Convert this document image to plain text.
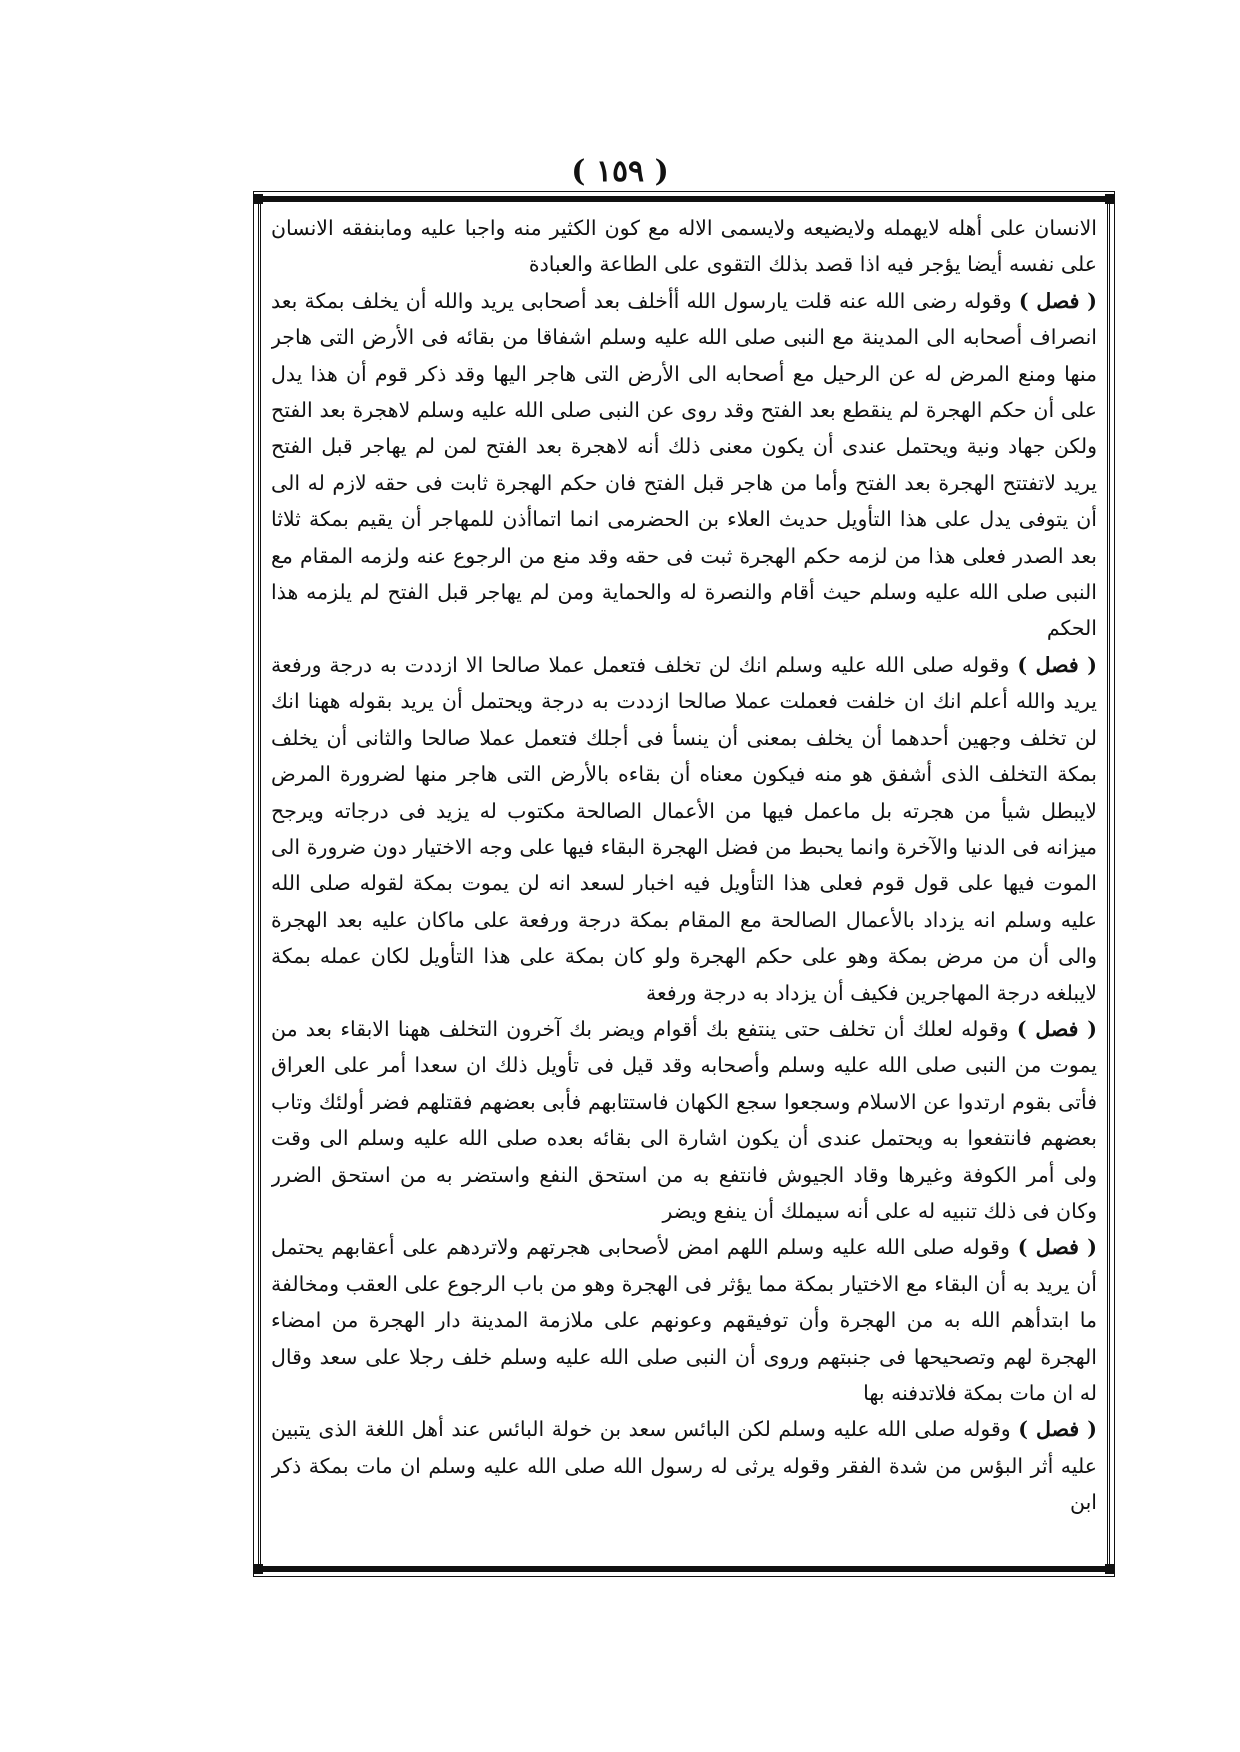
( ١٥٩ )

الانسان على أهله لايهمله ولايضيعه ولايسمى الاله مع كون الكثير منه واجبا عليه ومابنفقه الانسان على نفسه أيضا يؤجر فيه اذا قصد بذلك التقوى على الطاعة والعبادة

( فصل ) وقوله رضى الله عنه قلت يارسول الله أأخلف بعد أصحابى يريد والله أن يخلف بمكة بعد انصراف أصحابه الى المدينة مع النبى صلى الله عليه وسلم اشفاقا من بقائه فى الأرض التى هاجر منها ومنع المرض له عن الرحيل مع أصحابه الى الأرض التى هاجر اليها وقد ذكر قوم أن هذا يدل على أن حكم الهجرة لم ينقطع بعد الفتح وقد روى عن النبى صلى الله عليه وسلم لاهجرة بعد الفتح ولكن جهاد ونية ويحتمل عندى أن يكون معنى ذلك أنه لاهجرة بعد الفتح لمن لم يهاجر قبل الفتح يريد لاتفتتح الهجرة بعد الفتح وأما من هاجر قبل الفتح فان حكم الهجرة ثابت فى حقه لازم له الى أن يتوفى يدل على هذا التأويل حديث العلاء بن الحضرمى انما اتماأذن للمهاجر أن يقيم بمكة ثلاثا بعد الصدر فعلى هذا من لزمه حكم الهجرة ثبت فى حقه وقد منع من الرجوع عنه ولزمه المقام مع النبى صلى الله عليه وسلم حيث أقام والنصرة له والحماية ومن لم يهاجر قبل الفتح لم يلزمه هذا الحكم

( فصل ) وقوله صلى الله عليه وسلم انك لن تخلف فتعمل عملا صالحا الا ازددت به درجة ورفعة يريد والله أعلم انك ان خلفت فعملت عملا صالحا ازددت به درجة ويحتمل أن يريد بقوله ههنا انك لن تخلف وجهين أحدهما أن يخلف بمعنى أن ينسأ فى أجلك فتعمل عملا صالحا والثانى أن يخلف بمكة التخلف الذى أشفق هو منه فيكون معناه أن بقاءه بالأرض التى هاجر منها لضرورة المرض لايبطل شيأ من هجرته بل ماعمل فيها من الأعمال الصالحة مكتوب له يزيد فى درجاته ويرجح ميزانه فى الدنيا والآخرة وانما يحبط من فضل الهجرة البقاء فيها على وجه الاختيار دون ضرورة الى الموت فيها على قول قوم فعلى هذا التأويل فيه اخبار لسعد انه لن يموت بمكة لقوله صلى الله عليه وسلم انه يزداد بالأعمال الصالحة مع المقام بمكة درجة ورفعة على ماكان عليه بعد الهجرة والى أن من مرض بمكة وهو على حكم الهجرة ولو كان بمكة على هذا التأويل لكان عمله بمكة لايبلغه درجة المهاجرين فكيف أن يزداد به درجة ورفعة

( فصل ) وقوله لعلك أن تخلف حتى ينتفع بك أقوام ويضر بك آخرون التخلف ههنا الابقاء بعد من يموت من النبى صلى الله عليه وسلم وأصحابه وقد قيل فى تأويل ذلك ان سعدا أمر على العراق فأتى بقوم ارتدوا عن الاسلام وسجعوا سجع الكهان فاستتابهم فأبى بعضهم فقتلهم فضر أولئك وتاب بعضهم فانتفعوا به ويحتمل عندى أن يكون اشارة الى بقائه بعده صلى الله عليه وسلم الى وقت ولى أمر الكوفة وغيرها وقاد الجيوش فانتفع به من استحق النفع واستضر به من استحق الضرر وكان فى ذلك تنبيه له على أنه سيملك أن ينفع ويضر

( فصل ) وقوله صلى الله عليه وسلم اللهم امض لأصحابى هجرتهم ولاتردهم على أعقابهم يحتمل أن يريد به أن البقاء مع الاختيار بمكة مما يؤثر فى الهجرة وهو من باب الرجوع على العقب ومخالفة ما ابتدأهم الله به من الهجرة وأن توفيقهم وعونهم على ملازمة المدينة دار الهجرة من امضاء الهجرة لهم وتصحيحها فى جنبتهم وروى أن النبى صلى الله عليه وسلم خلف رجلا على سعد وقال له ان مات بمكة فلاتدفنه بها

( فصل ) وقوله صلى الله عليه وسلم لكن البائس سعد بن خولة البائس عند أهل اللغة الذى يتبين عليه أثر البؤس من شدة الفقر وقوله يرثى له رسول الله صلى الله عليه وسلم ان مات بمكة ذكر ابن
